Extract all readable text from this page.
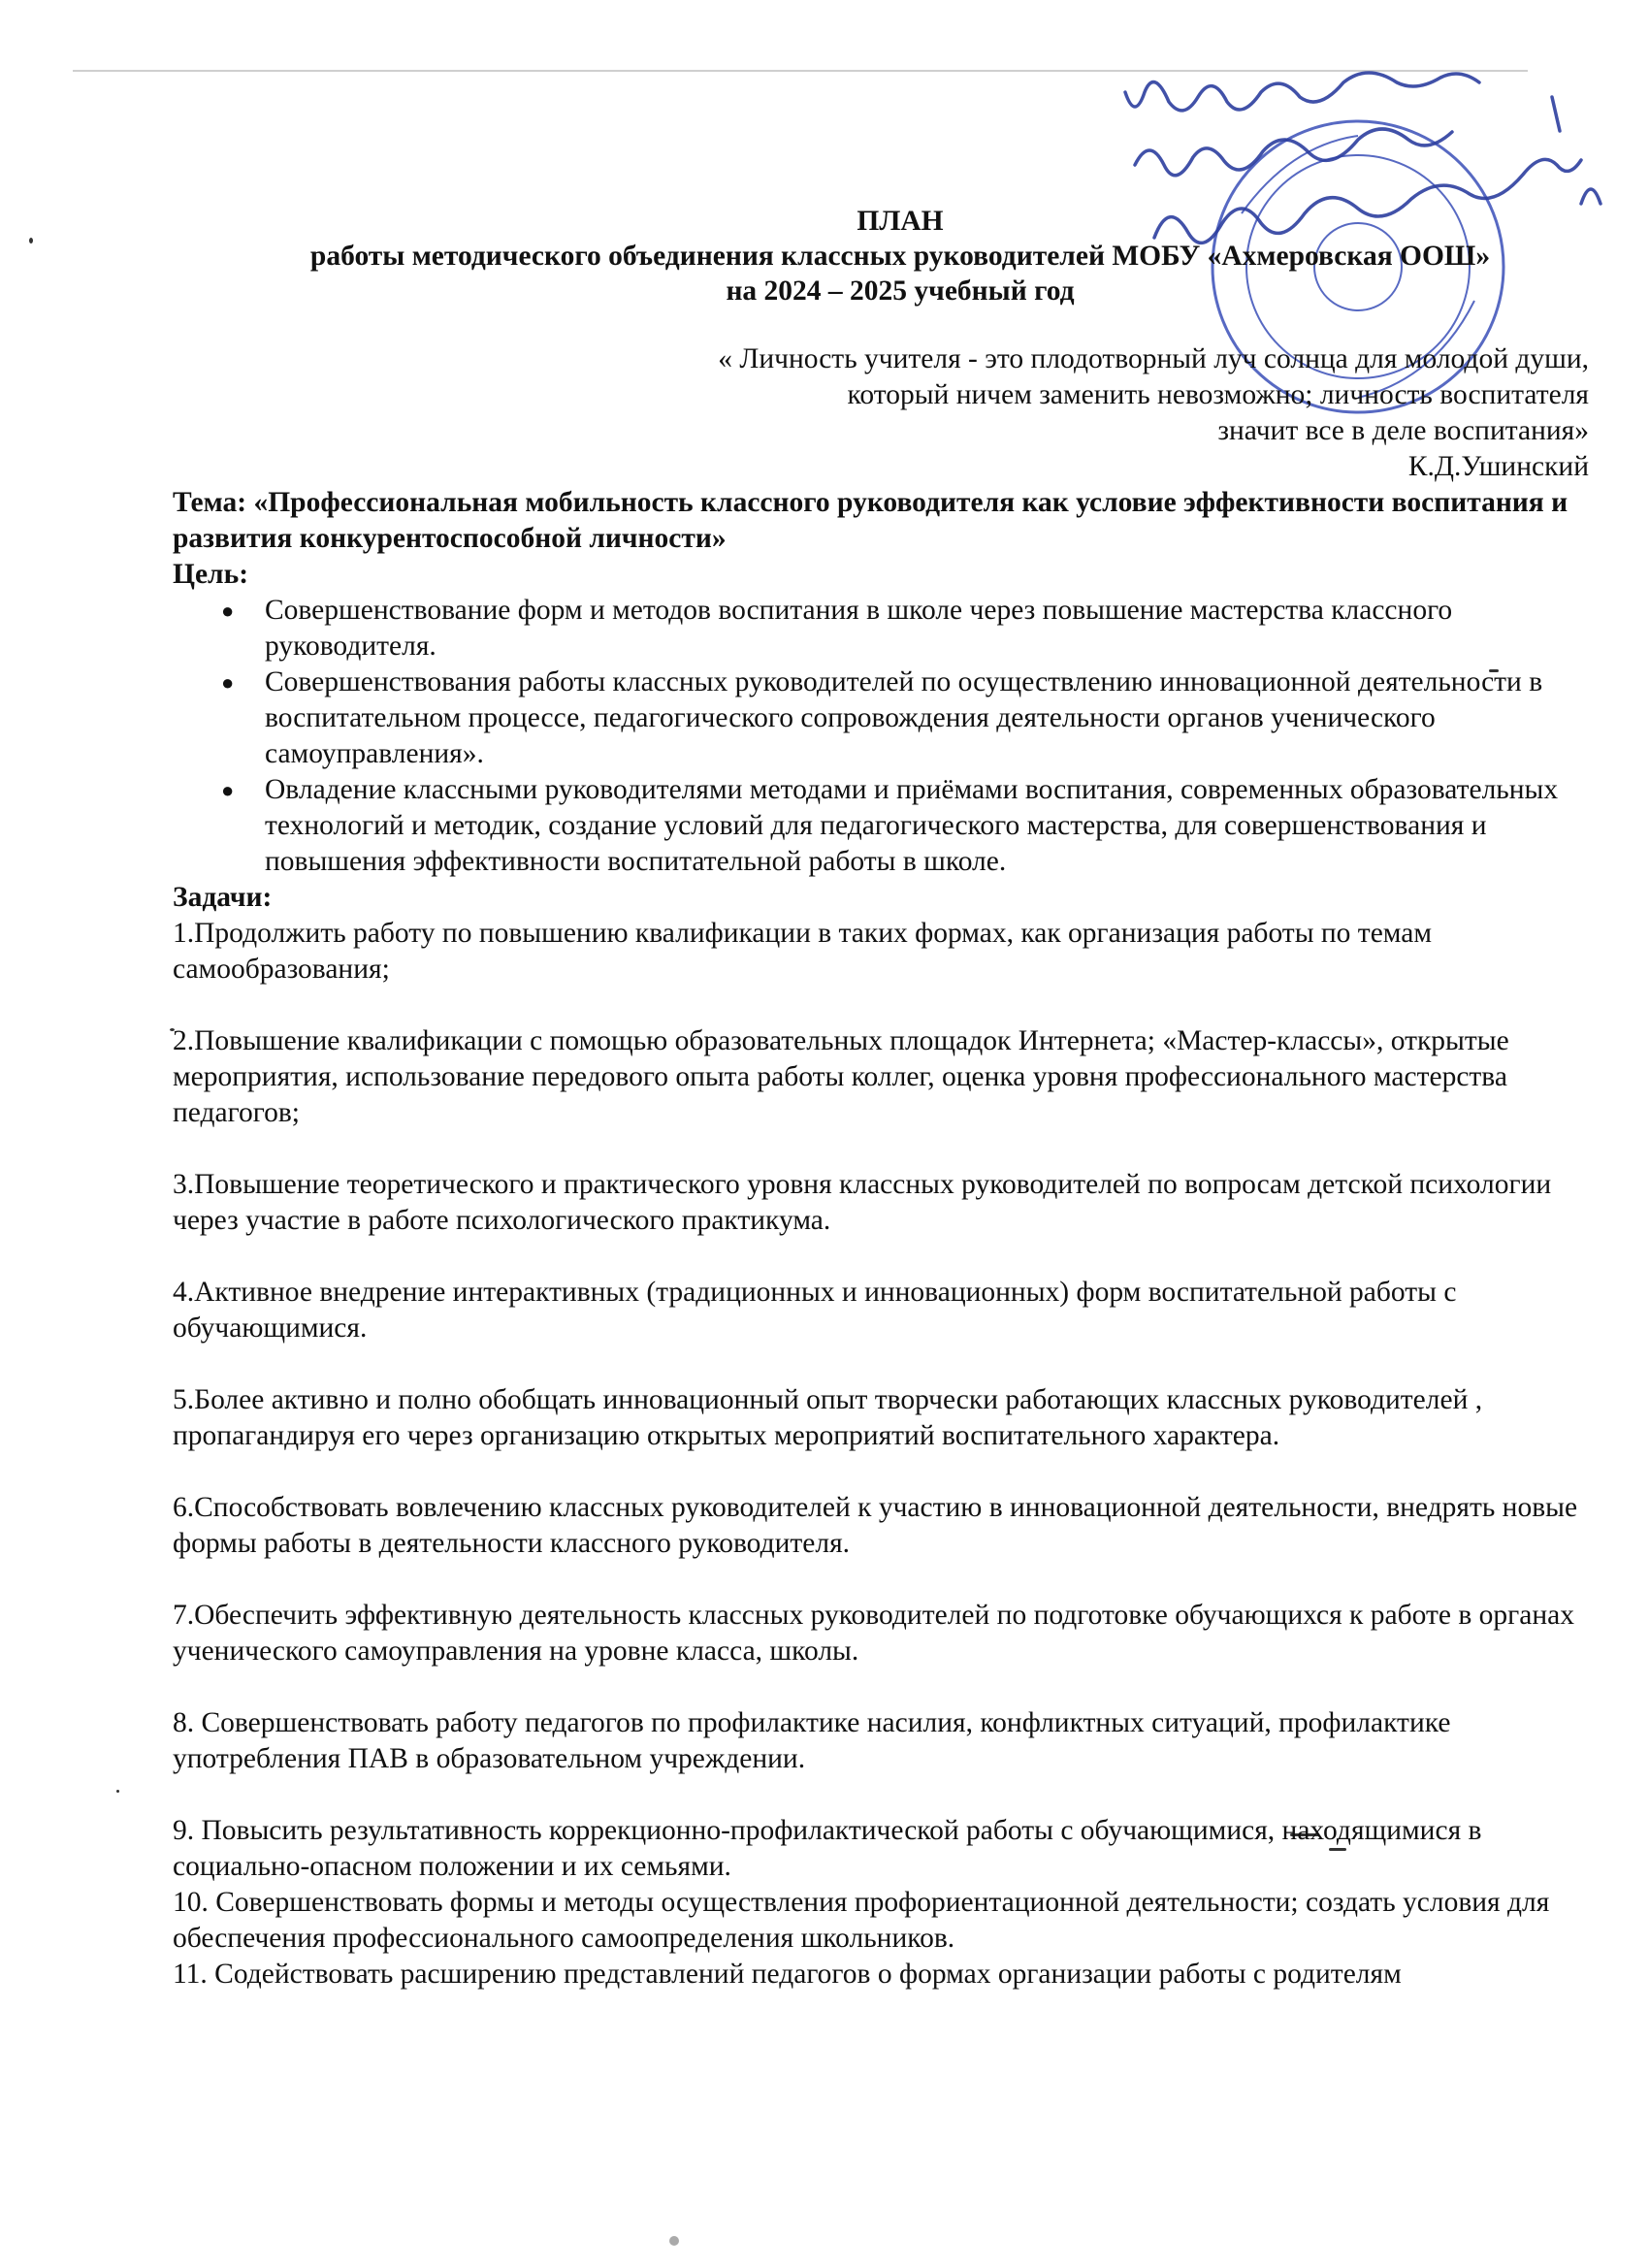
ПЛАН
работы методического объединения классных руководителей МОБУ «Ахмеровская ООШ»
на 2024 – 2025 учебный год
« Личность учителя - это плодотворный луч солнца для молодой души,
который ничем заменить невозможно; личность воспитателя
значит все в деле воспитания»
К.Д.Ушинский
Тема: «Профессиональная мобильность классного руководителя как условие эффективности воспитания и развития конкурентоспособной личности»
Цель:
● Совершенствование форм и методов воспитания в школе через повышение мастерства классного руководителя.
● Совершенствования работы классных руководителей по осуществлению инновационной деятельности в воспитательном процессе, педагогического сопровождения деятельности органов ученического самоуправления».
● Овладение классными руководителями методами и приёмами воспитания, современных образовательных технологий и методик, создание условий для педагогического мастерства, для совершенствования и повышения эффективности воспитательной работы в школе.
Задачи:

1.Продолжить работу по повышению квалификации в таких формах, как организация работы по темам самообразования;

2.Повышение квалификации с помощью образовательных площадок Интернета; «Мастер-классы», открытые мероприятия, использование передового опыта работы коллег, оценка уровня профессионального мастерства педагогов;

3.Повышение теоретического и практического уровня классных руководителей по вопросам детской психологии через участие в работе психологического практикума.

4.Активное внедрение интерактивных (традиционных и инновационных) форм воспитательной работы с обучающимися.

5.Более активно и полно обобщать инновационный опыт творчески работающих классных руководителей , пропагандируя его через организацию открытых мероприятий воспитательного характера.

6.Способствовать вовлечению классных руководителей к участию в инновационной деятельности, внедрять новые формы работы в деятельности классного руководителя.

7.Обеспечить эффективную деятельность классных руководителей по подготовке обучающихся к работе в органах ученического самоуправления на уровне класса, школы.

8. Совершенствовать работу педагогов по профилактике насилия, конфликтных ситуаций, профилактике употребления ПАВ в образовательном учреждении.

9. Повысить результативность коррекционно-профилактической работы с обучающимися, находящимися в социально-опасном положении и их семьями.

10. Совершенствовать формы и методы осуществления профориентационной деятельности; создать условия для обеспечения профессионального самоопределения школьников.

11. Содействовать расширению представлений педагогов о формах организации работы с родителям
